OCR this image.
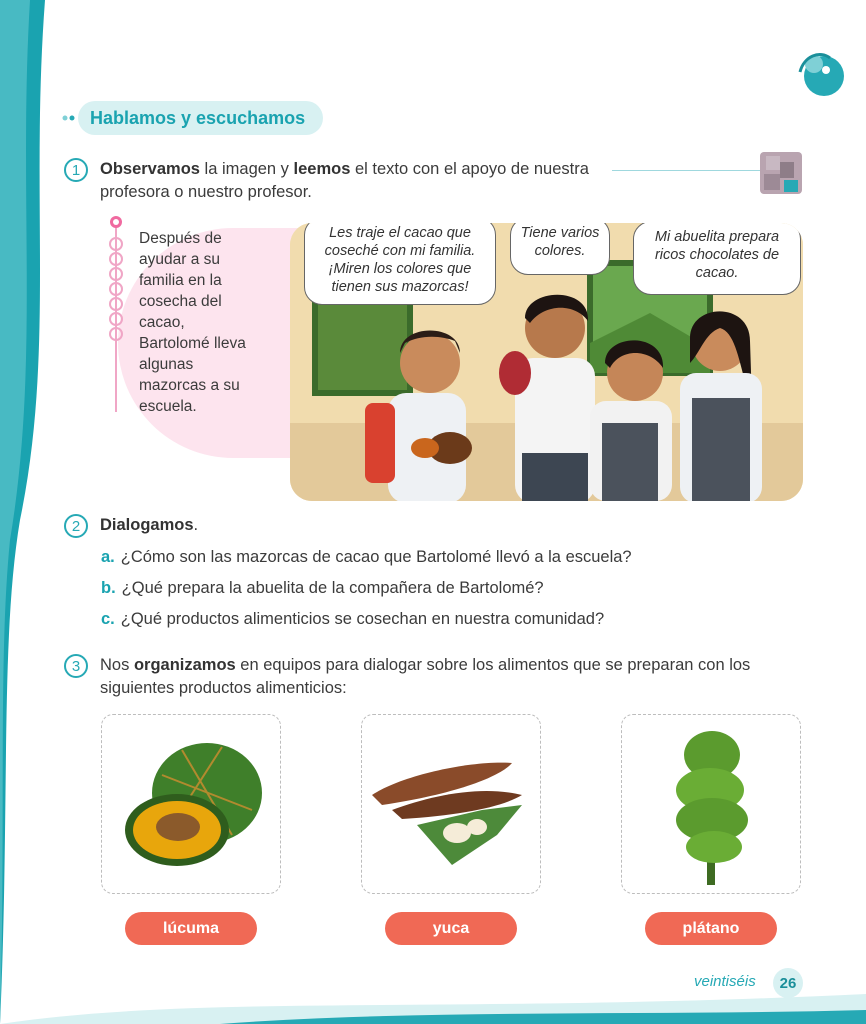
Hablamos y escuchamos
1	Observamos la imagen y leemos el texto con el apoyo de nuestra
profesora o nuestro profesor.
Después de ayudar a su familia en la cosecha del cacao, Bartolomé lleva algunas mazorcas a su escuela.
Les traje el cacao que coseché con mi familia. ¡Miren los colores que tienen sus mazorcas!
Tiene varios colores.
Mi abuelita prepara ricos chocolates de cacao.
2	Dialogamos.
a. ¿Cómo son las mazorcas de cacao que Bartolomé llevó a la escuela?
b. ¿Qué prepara la abuelita de la compañera de Bartolomé?
c. ¿Qué productos alimenticios se cosechan en nuestra comunidad?
3	Nos organizamos en equipos para dialogar sobre los alimentos que se preparan con los
siguientes productos alimenticios:
lúcuma	yuca	plátano
veintiséis	26
